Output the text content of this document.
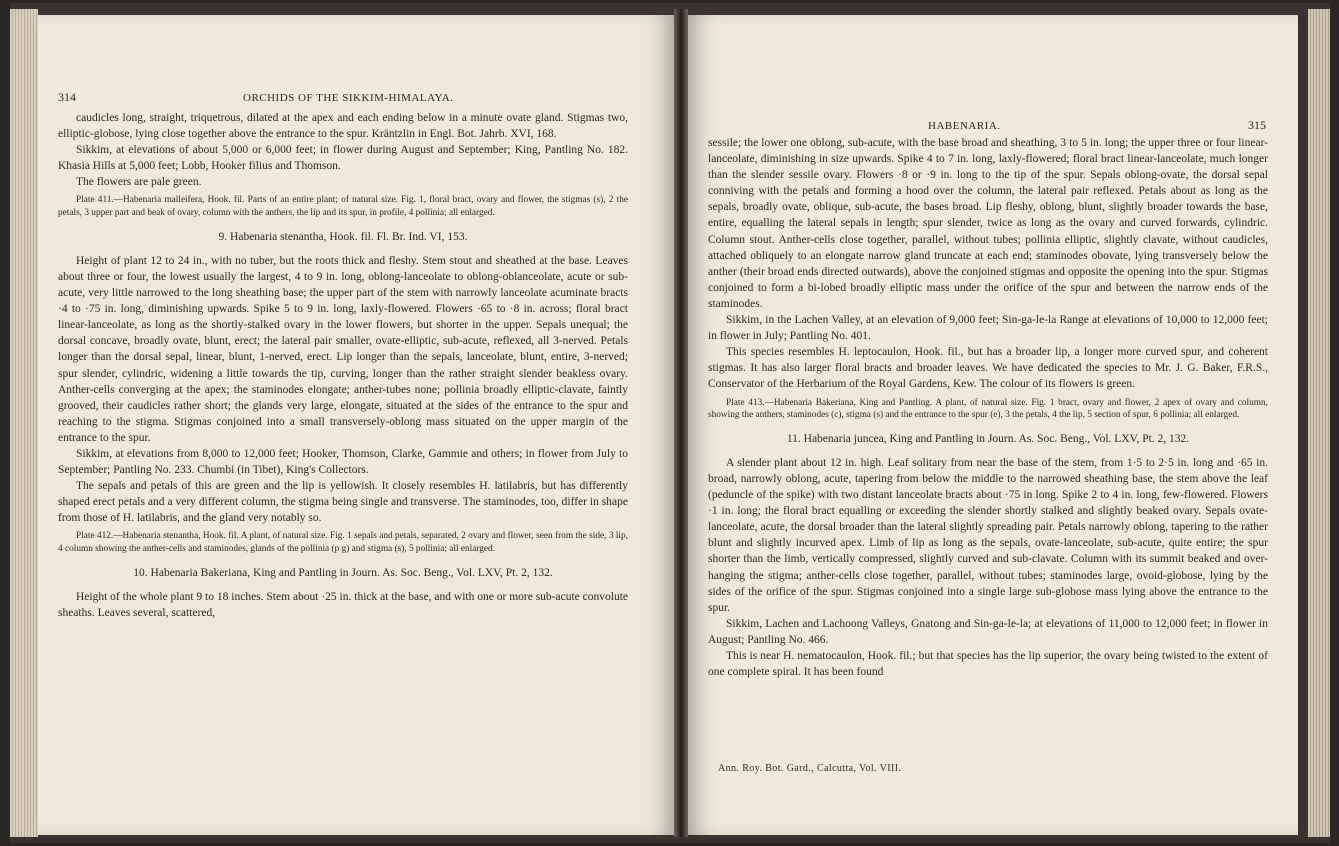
314	ORCHIDS OF THE SIKKIM-HIMALAYA.

caudicles long, straight, triquetrous, dilated at the apex and each ending below in a minute ovate gland. Stigmas two, elliptic-globose, lying close together above the entrance to the spur. Kräntzlin in Engl. Bot. Jahrb. XVI, 168.

Sikkim, at elevations of about 5,000 or 6,000 feet; in flower during August and September; King, Pantling No. 182. Khasia Hills at 5,000 feet; Lobb, Hooker filius and Thomson.

The flowers are pale green.

Plate 411.—Habenaria malleifera, Hook. fil. Parts of an entire plant; of natural size. Fig. 1, floral bract, ovary and flower, the stigmas (s), 2 the petals, 3 upper part and beak of ovary, column with the anthers, the lip and its spur, in profile, 4 pollinia; all enlarged.

9. Habenaria stenantha, Hook. fil. Fl. Br. Ind. VI, 153.

Height of plant 12 to 24 in., with no tuber, but the roots thick and fleshy. Stem stout and sheathed at the base. Leaves about three or four, the lowest usually the largest, 4 to 9 in. long, oblong-lanceolate to oblong-oblanceolate, acute or sub-acute, very little narrowed to the long sheathing base; the upper part of the stem with narrowly lanceolate acuminate bracts ·4 to ·75 in. long, diminishing upwards. Spike 5 to 9 in. long, laxly-flowered. Flowers ·65 to ·8 in. across; floral bract linear-lanceolate, as long as the shortly-stalked ovary in the lower flowers, but shorter in the upper. Sepals unequal; the dorsal concave, broadly ovate, blunt, erect; the lateral pair smaller, ovate-elliptic, sub-acute, reflexed, all 3-nerved. Petals longer than the dorsal sepal, linear, blunt, 1-nerved, erect. Lip longer than the sepals, lanceolate, blunt, entire, 3-nerved; spur slender, cylindric, widening a little towards the tip, curving, longer than the rather straight slender beakless ovary. Anther-cells converging at the apex; the staminodes elongate; anther-tubes none; pollinia broadly elliptic-clavate, faintly grooved, their caudicles rather short; the glands very large, elongate, situated at the sides of the entrance to the spur and reaching to the stigma. Stigmas conjoined into a small transversely-oblong mass situated on the upper margin of the entrance to the spur.

Sikkim, at elevations from 8,000 to 12,000 feet; Hooker, Thomson, Clarke, Gammie and others; in flower from July to September; Pantling No. 233. Chumbi (in Tibet), King's Collectors.

The sepals and petals of this are green and the lip is yellowish. It closely resembles H. latilabris, but has differently shaped erect petals and a very different column, the stigma being single and transverse. The staminodes, too, differ in shape from those of H. latilabris, and the gland very notably so.

Plate 412.—Habenaria stenantha, Hook. fil. A plant, of natural size. Fig. 1 sepals and petals, separated, 2 ovary and flower, seen from the side, 3 lip, 4 column showing the anther-cells and staminodes, glands of the pollinia (p g) and stigma (s), 5 pollinia; all enlarged.

10. Habenaria Bakeriana, King and Pantling in Journ. As. Soc. Beng., Vol. LXV, Pt. 2, 132.

Height of the whole plant 9 to 18 inches. Stem about ·25 in. thick at the base, and with one or more sub-acute convolute sheaths. Leaves several, scattered,

HABENARIA.	315

sessile; the lower one oblong, sub-acute, with the base broad and sheathing, 3 to 5 in. long; the upper three or four linear-lanceolate, diminishing in size upwards. Spike 4 to 7 in. long, laxly-flowered; floral bract linear-lanceolate, much longer than the slender sessile ovary. Flowers ·8 or ·9 in. long to the tip of the spur. Sepals oblong-ovate, the dorsal sepal conniving with the petals and forming a hood over the column, the lateral pair reflexed. Petals about as long as the sepals, broadly ovate, oblique, sub-acute, the bases broad. Lip fleshy, oblong, blunt, slightly broader towards the base, entire, equalling the lateral sepals in length; spur slender, twice as long as the ovary and curved forwards, cylindric. Column stout. Anther-cells close together, parallel, without tubes; pollinia elliptic, slightly clavate, without caudicles, attached obliquely to an elongate narrow gland truncate at each end; staminodes obovate, lying transversely below the anther (their broad ends directed outwards), above the conjoined stigmas and opposite the opening into the spur. Stigmas conjoined to form a bi-lobed broadly elliptic mass under the orifice of the spur and between the narrow ends of the staminodes.

Sikkim, in the Lachen Valley, at an elevation of 9,000 feet; Sin-ga-le-la Range at elevations of 10,000 to 12,000 feet; in flower in July; Pantling No. 401.

This species resembles H. leptocaulon, Hook. fil., but has a broader lip, a longer more curved spur, and coherent stigmas. It has also larger floral bracts and broader leaves. We have dedicated the species to Mr. J. G. Baker, F.R.S., Conservator of the Herbarium of the Royal Gardens, Kew. The colour of its flowers is green.

Plate 413.—Habenaria Bakeriana, King and Pantling. A plant, of natural size. Fig. 1 bract, ovary and flower, 2 apex of ovary and column, showing the anthers, staminodes (c), stigma (s) and the entrance to the spur (e), 3 the petals, 4 the lip, 5 section of spur, 6 pollinia; all enlarged.

11. Habenaria juncea, King and Pantling in Journ. As. Soc. Beng., Vol. LXV, Pt. 2, 132.

A slender plant about 12 in. high. Leaf solitary from near the base of the stem, from 1·5 to 2·5 in. long and ·65 in. broad, narrowly oblong, acute, tapering from below the middle to the narrowed sheathing base, the stem above the leaf (peduncle of the spike) with two distant lanceolate bracts about ·75 in long. Spike 2 to 4 in. long, few-flowered. Flowers ·1 in. long; the floral bract equalling or exceeding the slender shortly stalked and slightly beaked ovary. Sepals ovate-lanceolate, acute, the dorsal broader than the lateral slightly spreading pair. Petals narrowly oblong, tapering to the rather blunt and slightly incurved apex. Limb of lip as long as the sepals, ovate-lanceolate, sub-acute, quite entire; the spur shorter than the limb, vertically compressed, slightly curved and sub-clavate. Column with its summit beaked and over-hanging the stigma; anther-cells close together, parallel, without tubes; staminodes large, ovoid-globose, lying by the sides of the orifice of the spur. Stigmas conjoined into a single large sub-globose mass lying above the entrance to the spur.

Sikkim, Lachen and Lachoong Valleys, Gnatong and Sin-ga-le-la; at elevations of 11,000 to 12,000 feet; in flower in August; Pantling No. 466.

This is near H. nematocaulon, Hook. fil.; but that species has the lip superior, the ovary being twisted to the extent of one complete spiral. It has been found

Ann. Roy. Bot. Gard., Calcutta, Vol. VIII.
